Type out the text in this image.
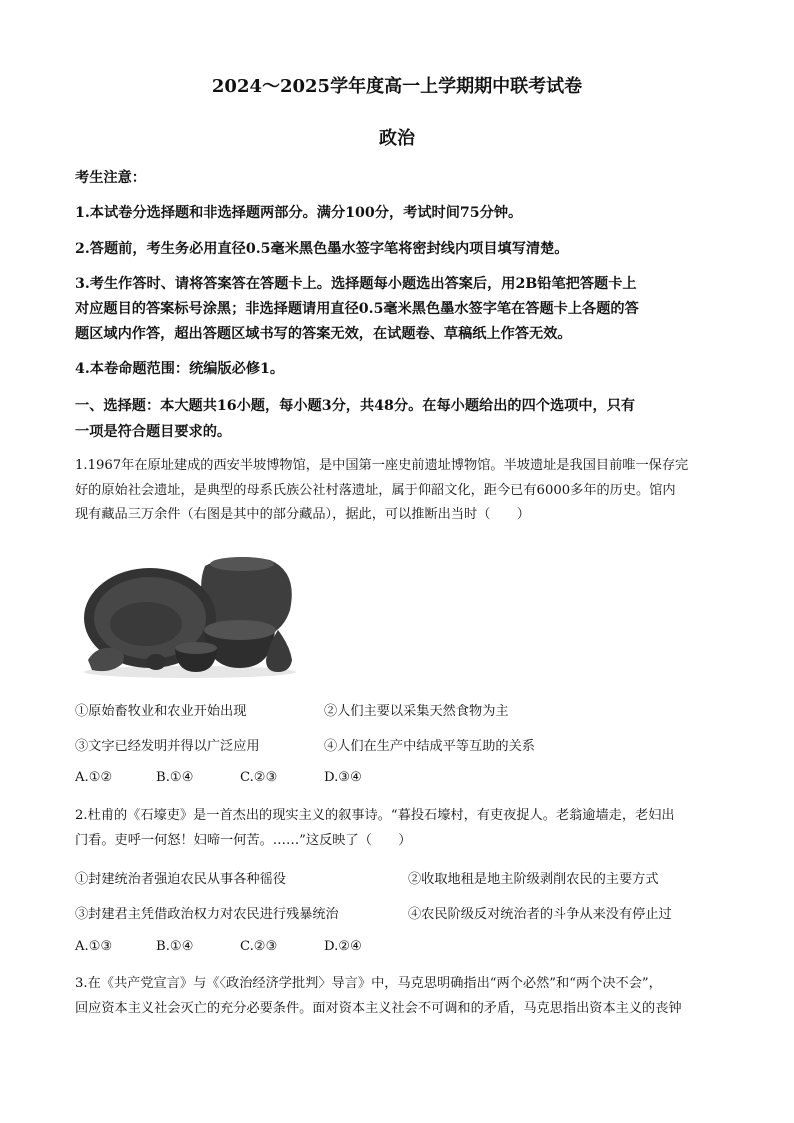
2024～2025学年度高一上学期期中联考试卷
政治
考生注意：
1.本试卷分选择题和非选择题两部分。满分100分，考试时间75分钟。
2.答题前，考生务必用直径0.5毫米黑色墨水签字笔将密封线内项目填写清楚。
3.考生作答时、请将答案答在答题卡上。选择题每小题选出答案后，用2B铅笔把答题卡上
对应题目的答案标号涂黑；非选择题请用直径0.5毫米黑色墨水签字笔在答题卡上各题的答
题区域内作答，超出答题区域书写的答案无效，在试题卷、草稿纸上作答无效。
4.本卷命题范围：统编版必修1。
一、选择题：本大题共16小题，每小题3分，共48分。在每小题给出的四个选项中，只有
一项是符合题目要求的。
1.1967年在原址建成的西安半坡博物馆，是中国第一座史前遗址博物馆。半坡遗址是我国目前唯一保存完
好的原始社会遗址，是典型的母系氏族公社村落遗址，属于仰韶文化，距今已有6000多年的历史。馆内
现有藏品三万余件（右图是其中的部分藏品），据此，可以推断出当时（　　）
①原始畜牧业和农业开始出现	②人们主要以采集天然食物为主
③文字已经发明并得以广泛应用	④人们在生产中结成平等互助的关系
A.①②	B.①④	C.②③	D.③④
2.杜甫的《石壕吏》是一首杰出的现实主义的叙事诗。“暮投石壕村，有吏夜捉人。老翁逾墙走，老妇出
门看。吏呼一何怒！妇啼一何苦。……”这反映了（　　）
①封建统治者强迫农民从事各种徭役	②收取地租是地主阶级剥削农民的主要方式
③封建君主凭借政治权力对农民进行残暴统治	④农民阶级反对统治者的斗争从来没有停止过
A.①③	B.①④	C.②③	D.②④
3.在《共产党宣言》与《〈政治经济学批判〉导言》中，马克思明确指出“两个必然”和“两个决不会”，
回应资本主义社会灭亡的充分必要条件。面对资本主义社会不可调和的矛盾，马克思指出资本主义的丧钟
